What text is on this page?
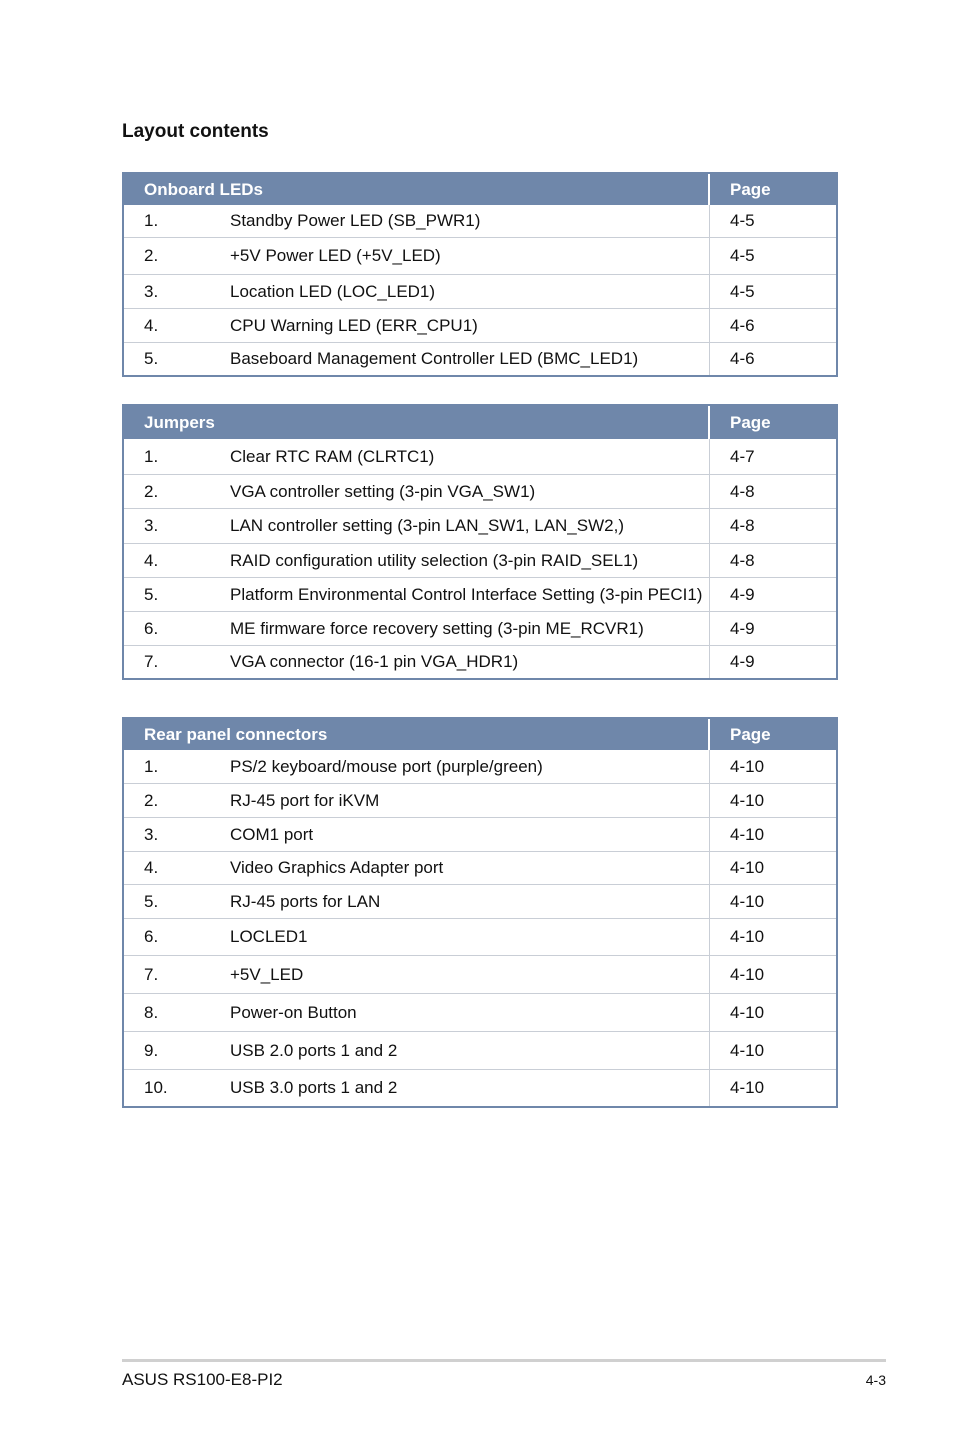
Layout contents
Onboard LEDs	Page
1.	Standby Power LED (SB_PWR1)	4-5
2.	+5V Power LED (+5V_LED)	4-5
3.	Location LED (LOC_LED1)	4-5
4.	CPU Warning LED (ERR_CPU1)	4-6
5.	Baseboard Management Controller LED (BMC_LED1)	4-6
Jumpers	Page
1.	Clear RTC RAM (CLRTC1)	4-7
2.	VGA controller setting (3-pin VGA_SW1)	4-8
3.	LAN controller setting (3-pin LAN_SW1, LAN_SW2,)	4-8
4.	RAID configuration utility selection (3-pin RAID_SEL1)	4-8
5.	Platform Environmental Control Interface Setting (3-pin PECI1)	4-9
6.	ME firmware force recovery setting (3-pin ME_RCVR1)	4-9
7.	VGA connector (16-1 pin VGA_HDR1)	4-9
Rear panel connectors	Page
1.	PS/2 keyboard/mouse port (purple/green)	4-10
2.	RJ-45 port for iKVM	4-10
3.	COM1 port	4-10
4.	Video Graphics Adapter port	4-10
5.	RJ-45 ports for LAN	4-10
6.	LOCLED1	4-10
7.	+5V_LED	4-10
8.	Power-on Button	4-10
9.	USB 2.0 ports 1 and 2	4-10
10.	USB 3.0 ports 1 and 2	4-10
ASUS RS100-E8-PI2	4-3
